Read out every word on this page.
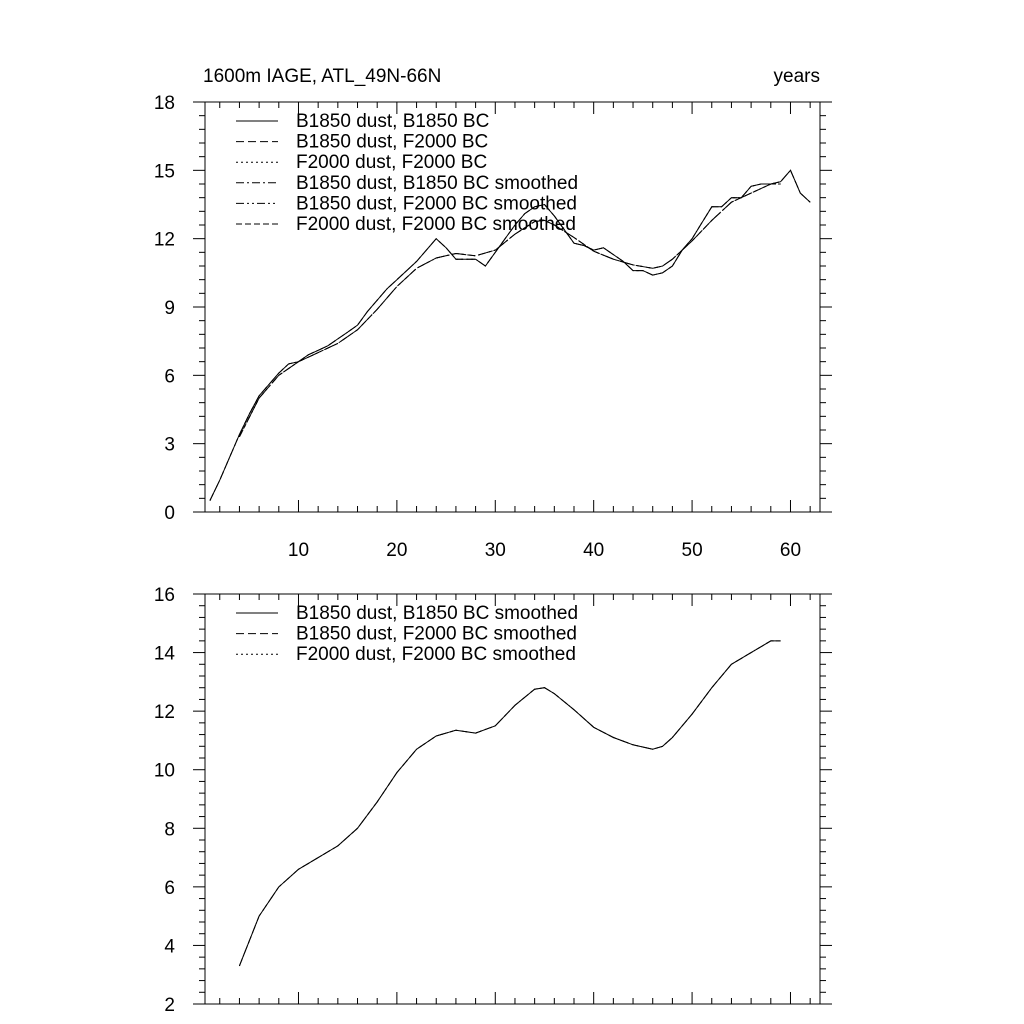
1600m IAGE, ATL_49N-66N	years
10	20	30	40	50	60
0
3
6
9
12
15
18
B1850 dust, B1850 BC
B1850 dust, F2000 BC
F2000 dust, F2000 BC
B1850 dust, B1850 BC smoothed
B1850 dust, F2000 BC smoothed
F2000 dust, F2000 BC smoothed
2
4
6
8
10
12
14
16
B1850 dust, B1850 BC smoothed
B1850 dust, F2000 BC smoothed
F2000 dust, F2000 BC smoothed
